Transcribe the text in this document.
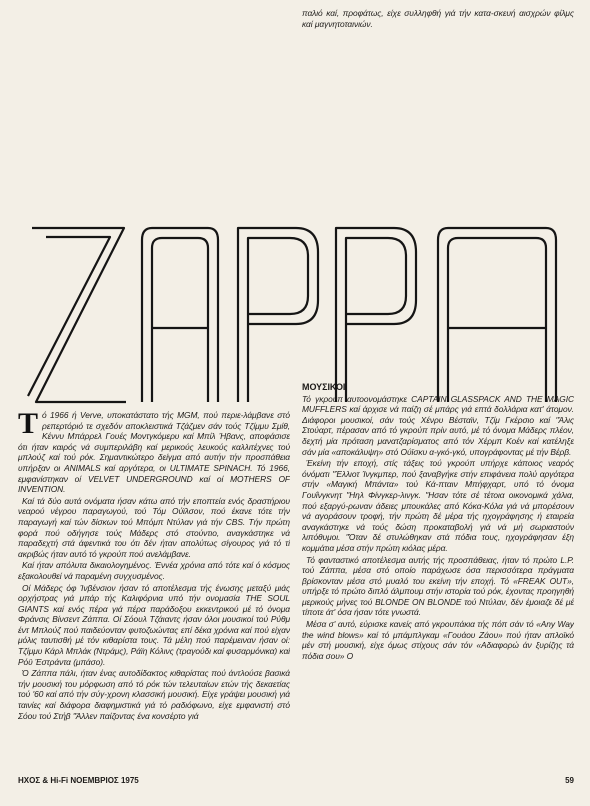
παλιό καί, προφάτως, είχε συλληφθή γιά τήν κατα-σκευή αισχρών φίλμς καί μαγνητοταινιών.

Τό 1966 ή Verve, υποκατάστατο τής MGM, πού περιε-λάμβανε στό ρεπερτόριό τε σχεδόν αποκλειστικά Τζάζμεν σάν τούς Τζίμμυ Σμίθ, Κέννυ Μπάρρελ Γουές Μοντγκόμερυ καί Μπίλ Ήβανς, αποφάσισε ότι ήταν καιρός νά συμπεριλάβη καί μερικούς λευκούς καλλιτέχνες τού μπλούζ καί τού ρόκ. Σημαντικώτερο δείγμα από αυτήν τήν προσπάθεια υπήρξαν οι ANIMALS καί αργότερα, οι ULTIMATE SPINACH. Τό 1966, εμφανίστηκαν οί VELVET UNDERGROUND καί οί MOTHERS OF INVENTION.

Καί τά δύο αυτά ονόματα ήσαν κάτω από τήν εποπτεία ενός δραστήριου νεαρού νέγρου παραγωγού, τού Τόμ Ούϊλσον, πού έκανε τότε τήν παραγωγή καί τών δίσκων τού Μπόμπ Ντύλαν γιά τήν CBS. Τήν πρώτη φορά πού οδήγησε τούς Μάδερς στό στούντιο, αναγκάστηκε νά παραδεχτή στά άφεντικά του ότι δέν ήταν απολύτως σίγουρος γιά τό τί ακριβώς ήταν αυτό τό γκρούπ πού ανελάμβανε.

Καί ήταν απόλυτα δικαιολογημένος. Έννέα χρόνια από τότε καί ό κόσμος εξακολουθεί νά παραμένη συγχυσμένος.

Οί Μάδερς όφ Ίνβένσιον ήσαν τό αποτέλεσμα τής ένωσης μεταξύ μιάς ορχήστρας γιά μπάρ τής Καλιφόρνια υπό τήν ονομασία THE SOUL GIANTS καί ενός πέρα γιά πέρα παράδοξου εκκεντρικού μέ τό όνομα Φράνσις Βίνσεντ Ζάππα. Οί Σόουλ Τζάιαντς ήσαν όλοι μουσικοί τού Ρύθμ έντ Μπλούζ πού παιδεύονταν φυτοζωώντας επί δέκα χρόνια καί πού είχαν μόλις ταυτισθή μέ τόν κιθαρίστα τους. Τά μέλη πού παρέμειναν ήσαν οί: Τζίμμυ Κάρλ Μπλάκ (Ντράμς), Ράϊη Κόλινς (τραγούδι καί φυσαρμόνικα) καί Ρόϋ Έστράντα (μπάσο).

Ό Ζάππα πάλι, ήταν ένας αυτοδίδακτος κιθαρίστας πού άντλούσε βασικά τήν μουσική του μόρφωση από τό ρόκ τών τελευταίων ετών τής δεκαετίας τού '60 καί από τήν σύγ-χρονη κλασσική μουσική. Είχε γράψει μουσική γιά ταινίες καί διάφορα διαφημιστικά γιά τό ραδιόφωνο, είχε εμφανιστή στό Σόου τού Στήβ "Άλλεν παίζοντας ένα κονσέρτο γιά

ΜΟΥΣΙΚΟΙ

Τό γκρούπ αυτοονομάστηκε CAPTAIN GLASSPACK AND THE MAGIC MUFFLERS καί άρχισε νά παίζη σέ μπάρς γιά επτά δολλάρια κατ' άτομον. Διάφοροι μουσικοί, σάν τούς Χένρυ Βέσταϊν, Τζίμ Γκέρσιο καί "Άλις Στούαρτ, πέρασαν από τό γκρούπ πρίν αυτό, μέ τό όνομα Μάδερς πλέον, δεχτή μία πρόταση μανατζαρίσματος από τόν Χέρμπ Κοέν καί κατέληξε σάν μία «αποκάλυψη» στό Ούϊσκυ α-γκό-γκό, υπογράφοντας μέ τήν Βέρβ.

Έκείνη τήν εποχή, στίς τάξεις τού γκρούπ υπήρχε κάποιος νεαρός όνόματι "Έλλιοτ Ίνγκμπερ, πού ξαναβγήκε στήν επιφάνεια πολύ αργότερα στήν «Μαγική Μπάντα» τού Κά-πταιν Μπήφχαρτ, υπό τό όνομα Γουΐνγκνητ "Ηηλ Φίνγκερ-λινγκ. "Ησαν τότε σέ τέτοια οικονομικά χάλια, πού εξαργύ-ρωναν άδειες μπουκάλες από Κόκα-Κόλα γιά νά μπορέσουν νά αγοράσουν τροφή, τήν πρώτη δέ μέρα τής ηχογράφησης ή εταιρεία αναγκάστηκε νά τούς δώση προκαταβολή γιά νά μή σωριαστούν λιπόθυμοι. "Όταν δέ στυλώθηκαν στά πόδια τους, ηχογράφησαν έξη κομμάτια μέσα στήν πρώτη κιόλας μέρα.

Τό φανταστικό αποτέλεσμα αυτής τής προσπάθειας, ήταν τό πρώτο L.P. τού Ζάππα, μέσα στό οποίο παράχωσε όσα περισσότερα πράγματα βρίσκονταν μέσα στό μυαλό του εκείνη τήν εποχή. Τό «FREAK OUT», υπήρξε τό πρώτο διπλό άλμπουμ στήν ιστορία τού ρόκ, έχοντας προηγηθή μερικούς μήνες τού BLONDE ON BLONDE τού Ντύλαν, δέν έμοιαζε δέ μέ τίποτε άτ' όσα ήσαν τότε γνωστά.

Μέσα σ' αυτό, εύρισκε κανείς από γκρουπάκια τής πόπ σάν τό «Any Way the wind blows» καί τό μπάμπλγκαμ «Γουάου Ζάου» πού ήταν απλοϊκό μέν στή μουσική, είχε όμως στίχους σάν τόν «Αδιαφορώ άν ξυρίζης τά πόδια σου» Ο

ΗΧΟΣ & Hi-Fi ΝΟΕΜΒΡΙΟΣ 1975	59
